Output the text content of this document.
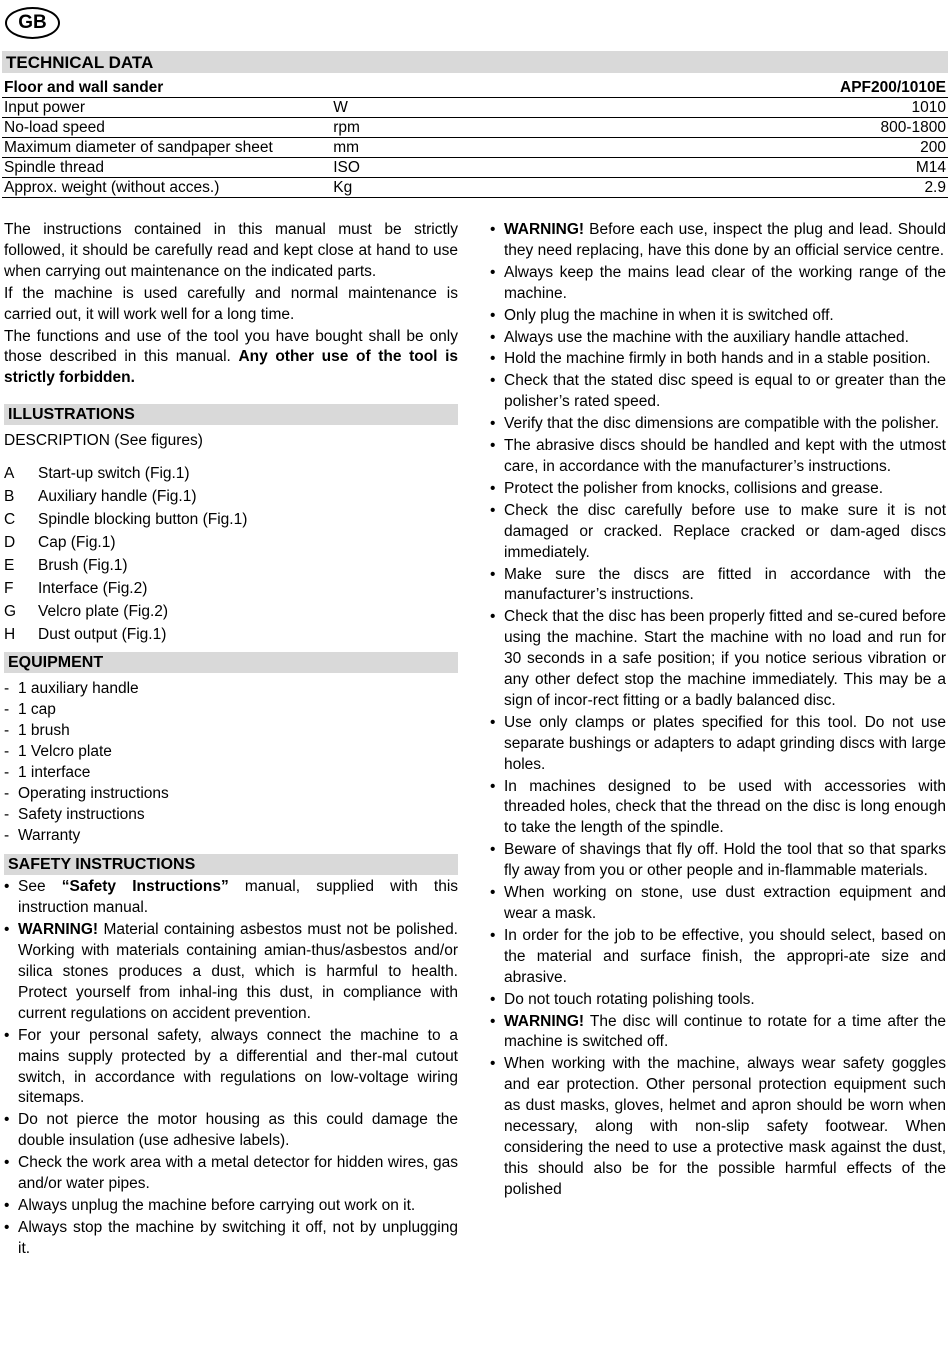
GB
TECHNICAL DATA
Floor and wall sander		APF200/1010E
Input power	W	1010
No-load speed	rpm	800-1800
Maximum diameter of sandpaper sheet	mm	200
Spindle thread	ISO	M14
Approx. weight (without acces.)	Kg	2.9

The instructions contained in this manual must be strictly followed, it should be carefully read and kept close at hand to use when carrying out maintenance on the indicated parts.

If the machine is used carefully and normal maintenance is carried out, it will work well for a long time.

The functions and use of the tool you have bought shall be only those described in this manual. Any other use of the tool is strictly forbidden.

ILLUSTRATIONS
DESCRIPTION (See figures)
A	Start-up switch (Fig.1)
B	Auxiliary handle (Fig.1)
C	Spindle blocking button (Fig.1)
D	Cap (Fig.1)
E	Brush (Fig.1)
F	Interface (Fig.2)
G	Velcro plate (Fig.2)
H	Dust output (Fig.1)
EQUIPMENT
- 1 auxiliary handle
- 1 cap
- 1 brush
- 1 Velcro plate
- 1 interface
- Operating instructions
- Safety instructions
- Warranty
SAFETY INSTRUCTIONS
• See “Safety Instructions” manual, supplied with this instruction manual.
• WARNING! Material containing asbestos must not be polished. Working with materials containing amian-thus/asbestos and/or silica stones produces a dust, which is harmful to health. Protect yourself from inhal-ing this dust, in compliance with current regulations on accident prevention.
• For your personal safety, always connect the machine to a mains supply protected by a differential and ther-mal cutout switch, in accordance with regulations on low-voltage wiring sitemaps.
• Do not pierce the motor housing as this could damage the double insulation (use adhesive labels).
• Check the work area with a metal detector for hidden wires, gas and/or water pipes.
• Always unplug the machine before carrying out work on it.
• Always stop the machine by switching it off, not by unplugging it.
• WARNING! Before each use, inspect the plug and lead. Should they need replacing, have this done by an official service centre.
• Always keep the mains lead clear of the working range of the machine.
• Only plug the machine in when it is switched off.
• Always use the machine with the auxiliary handle attached.
• Hold the machine firmly in both hands and in a stable position.
• Check that the stated disc speed is equal to or greater than the polisher’s rated speed.
• Verify that the disc dimensions are compatible with the polisher.
• The abrasive discs should be handled and kept with the utmost care, in accordance with the manufacturer’s instructions.
• Protect the polisher from knocks, collisions and grease.
• Check the disc carefully before use to make sure it is not damaged or cracked. Replace cracked or dam-aged discs immediately.
• Make sure the discs are fitted in accordance with the manufacturer’s instructions.
• Check that the disc has been properly fitted and se-cured before using the machine. Start the machine with no load and run for 30 seconds in a safe position; if you notice serious vibration or any other defect stop the machine immediately. This may be a sign of incor-rect fitting or a badly balanced disc.
• Use only clamps or plates specified for this tool. Do not use separate bushings or adapters to adapt grinding discs with large holes.
• In machines designed to be used with accessories with threaded holes, check that the thread on the disc is long enough to take the length of the spindle.
• Beware of shavings that fly off. Hold the tool that so that sparks fly away from you or other people and in-flammable materials.
• When working on stone, use dust extraction equipment and wear a mask.
• In order for the job to be effective, you should select, based on the material and surface finish, the appropri-ate size and abrasive.
• Do not touch rotating polishing tools.
• WARNING! The disc will continue to rotate for a time after the machine is switched off.
• When working with the machine, always wear safety goggles and ear protection. Other personal protection equipment such as dust masks, gloves, helmet and apron should be worn when necessary, along with non-slip safety footwear. When considering the need to use a protective mask against the dust, this should also be for the possible harmful effects of the polished
